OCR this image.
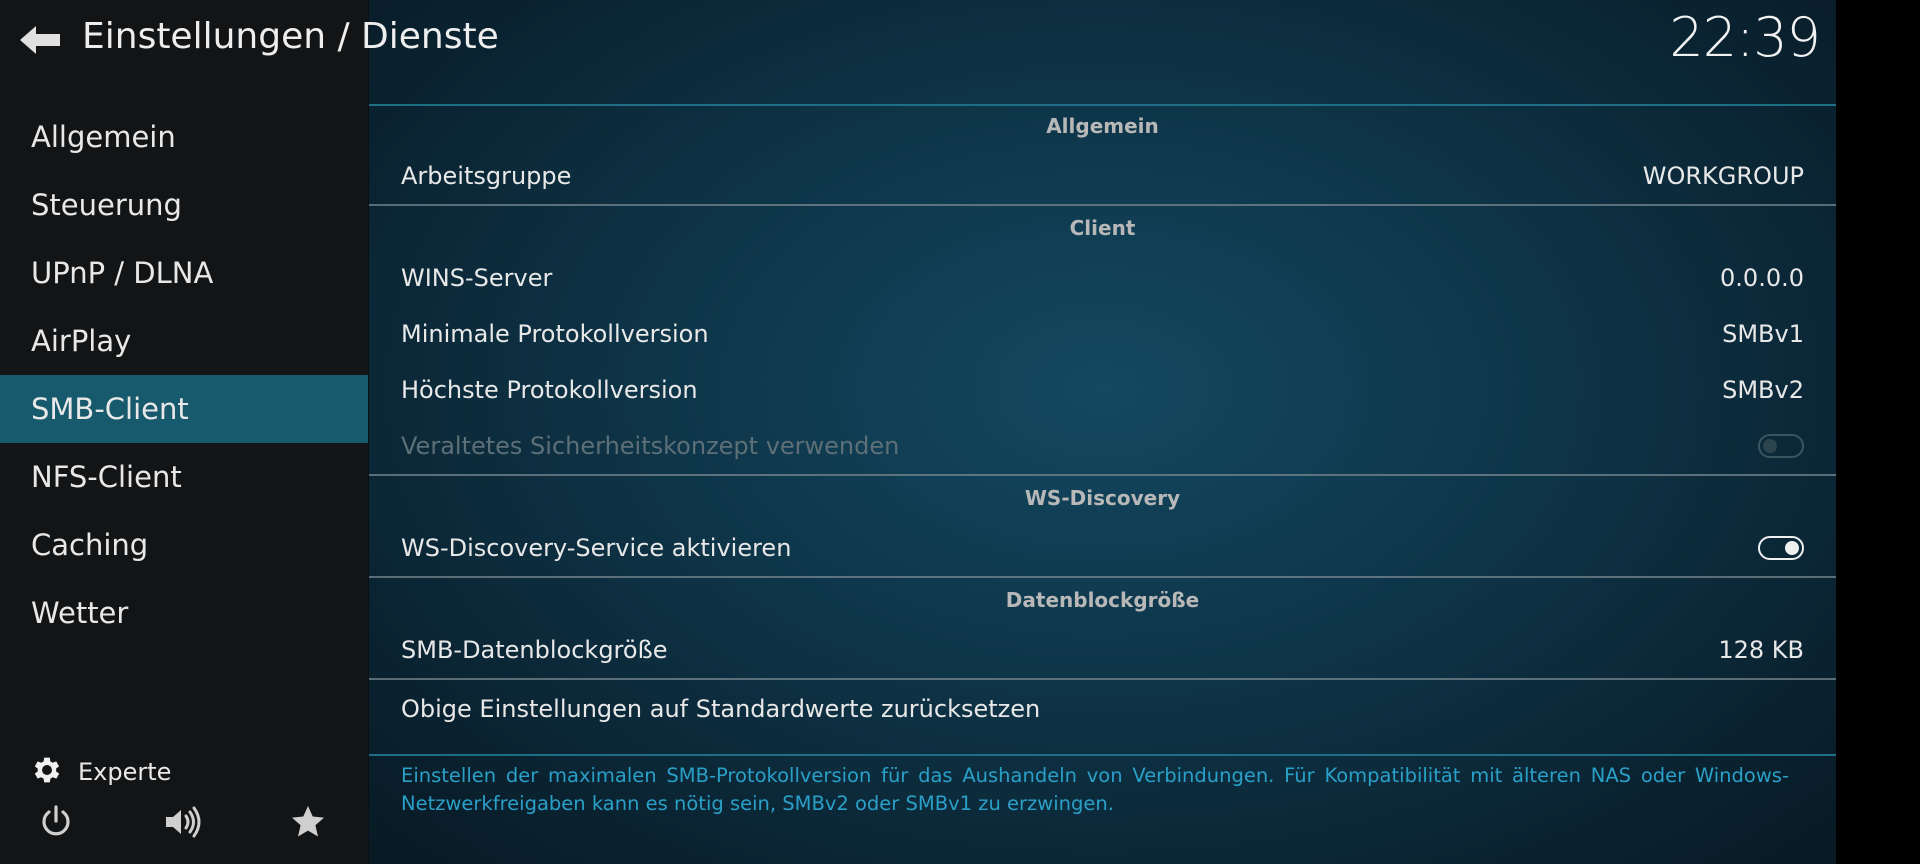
Einstellungen / Dienste	22:39
Allgemein
Steuerung
UPnP / DLNA
AirPlay
SMB-Client
NFS-Client
Caching
Wetter
Experte
Allgemein
Arbeitsgruppe	WORKGROUP
Client
WINS-Server	0.0.0.0
Minimale Protokollversion	SMBv1
Höchste Protokollversion	SMBv2
Veraltetes Sicherheitskonzept verwenden
WS-Discovery
WS-Discovery-Service aktivieren
Datenblockgröße
SMB-Datenblockgröße	128 KB
Obige Einstellungen auf Standardwerte zurücksetzen
Einstellen der maximalen SMB-Protokollversion für das Aushandeln von Verbindungen. Für Kompatibilität mit älteren NAS oder Windows-Netzwerkfreigaben kann es nötig sein, SMBv2 oder SMBv1 zu erzwingen.
